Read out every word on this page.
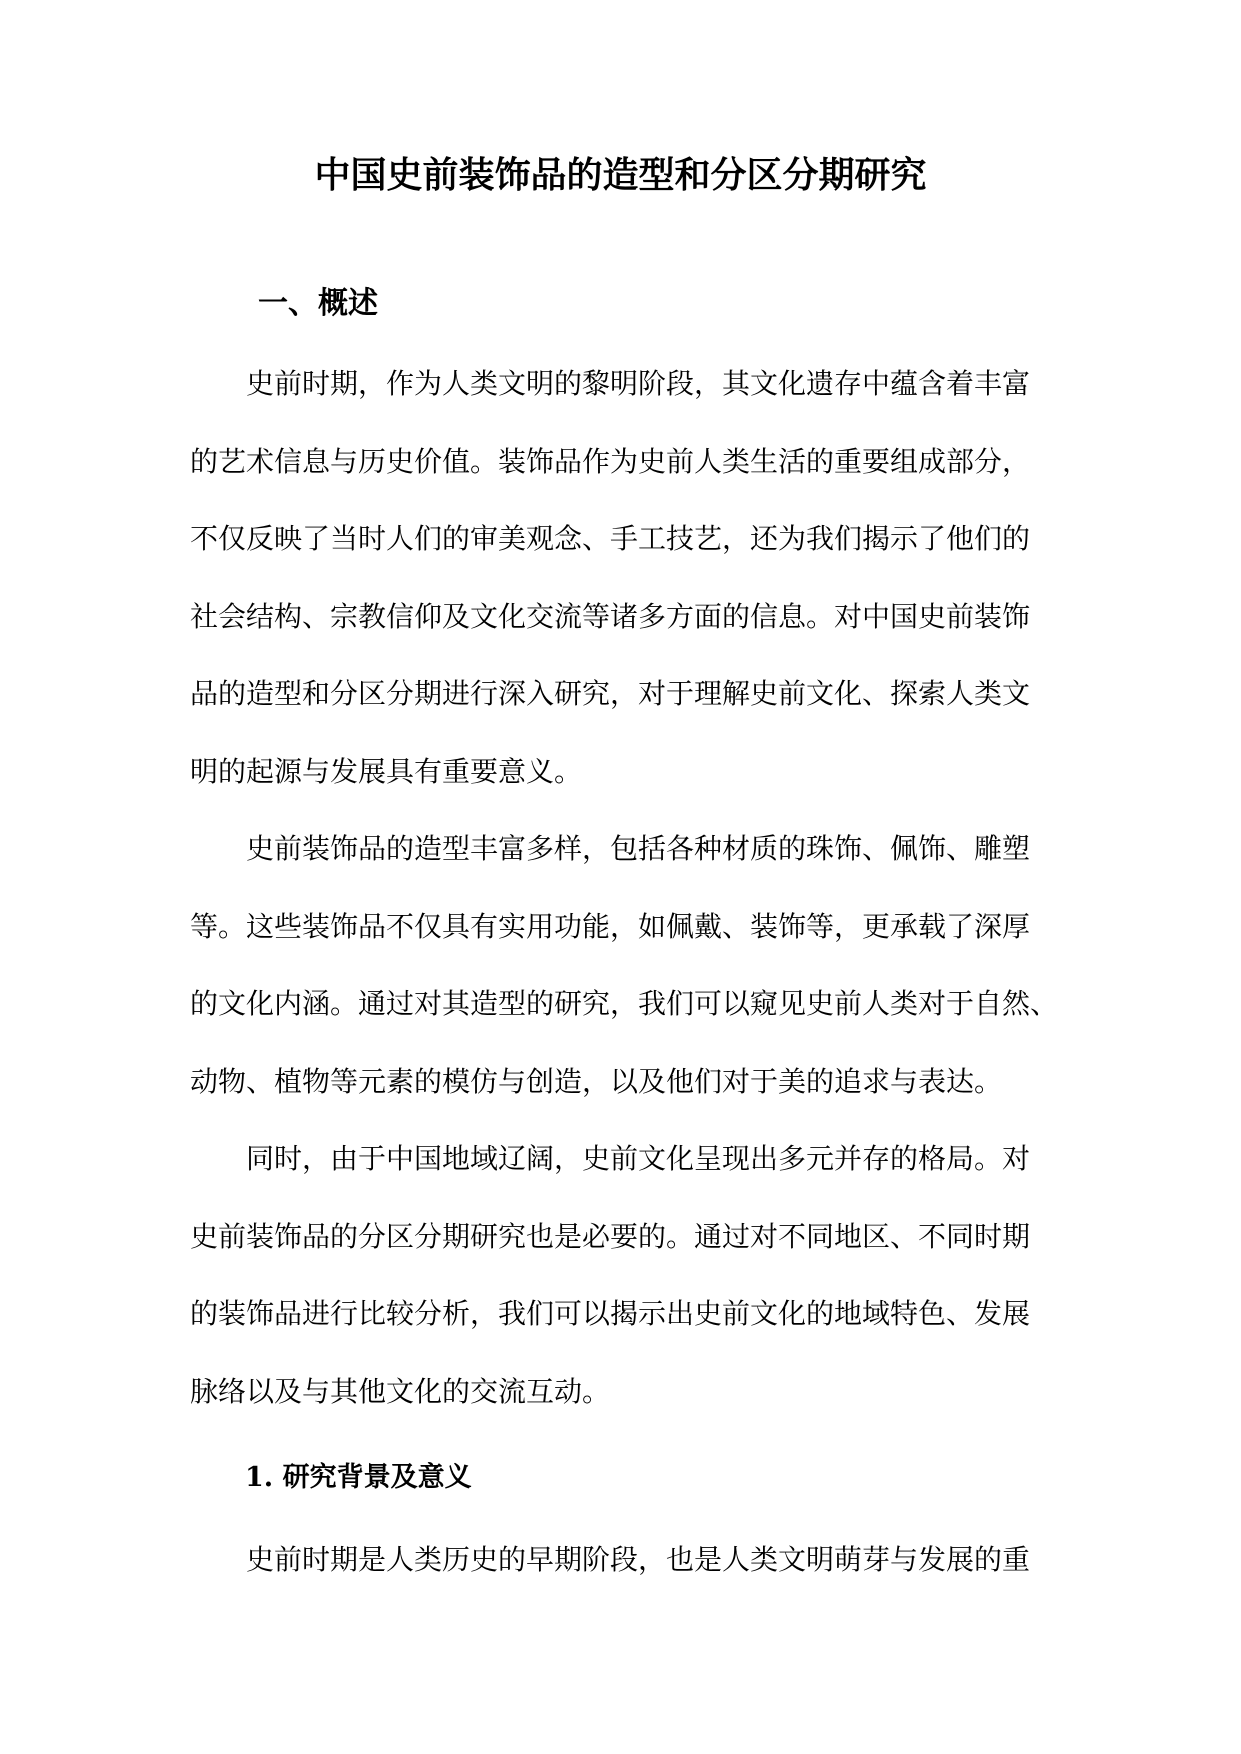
中国史前装饰品的造型和分区分期研究
一、概述
史前时期，作为人类文明的黎明阶段，其文化遗存中蕴含着丰富
的艺术信息与历史价值。装饰品作为史前人类生活的重要组成部分，
不仅反映了当时人们的审美观念、手工技艺，还为我们揭示了他们的
社会结构、宗教信仰及文化交流等诸多方面的信息。对中国史前装饰
品的造型和分区分期进行深入研究，对于理解史前文化、探索人类文
明的起源与发展具有重要意义。
史前装饰品的造型丰富多样，包括各种材质的珠饰、佩饰、雕塑
等。这些装饰品不仅具有实用功能，如佩戴、装饰等，更承载了深厚
的文化内涵。通过对其造型的研究，我们可以窥见史前人类对于自然、
动物、植物等元素的模仿与创造，以及他们对于美的追求与表达。
同时，由于中国地域辽阔，史前文化呈现出多元并存的格局。对
史前装饰品的分区分期研究也是必要的。通过对不同地区、不同时期
的装饰品进行比较分析，我们可以揭示出史前文化的地域特色、发展
脉络以及与其他文化的交流互动。
1. 研究背景及意义
史前时期是人类历史的早期阶段，也是人类文明萌芽与发展的重
